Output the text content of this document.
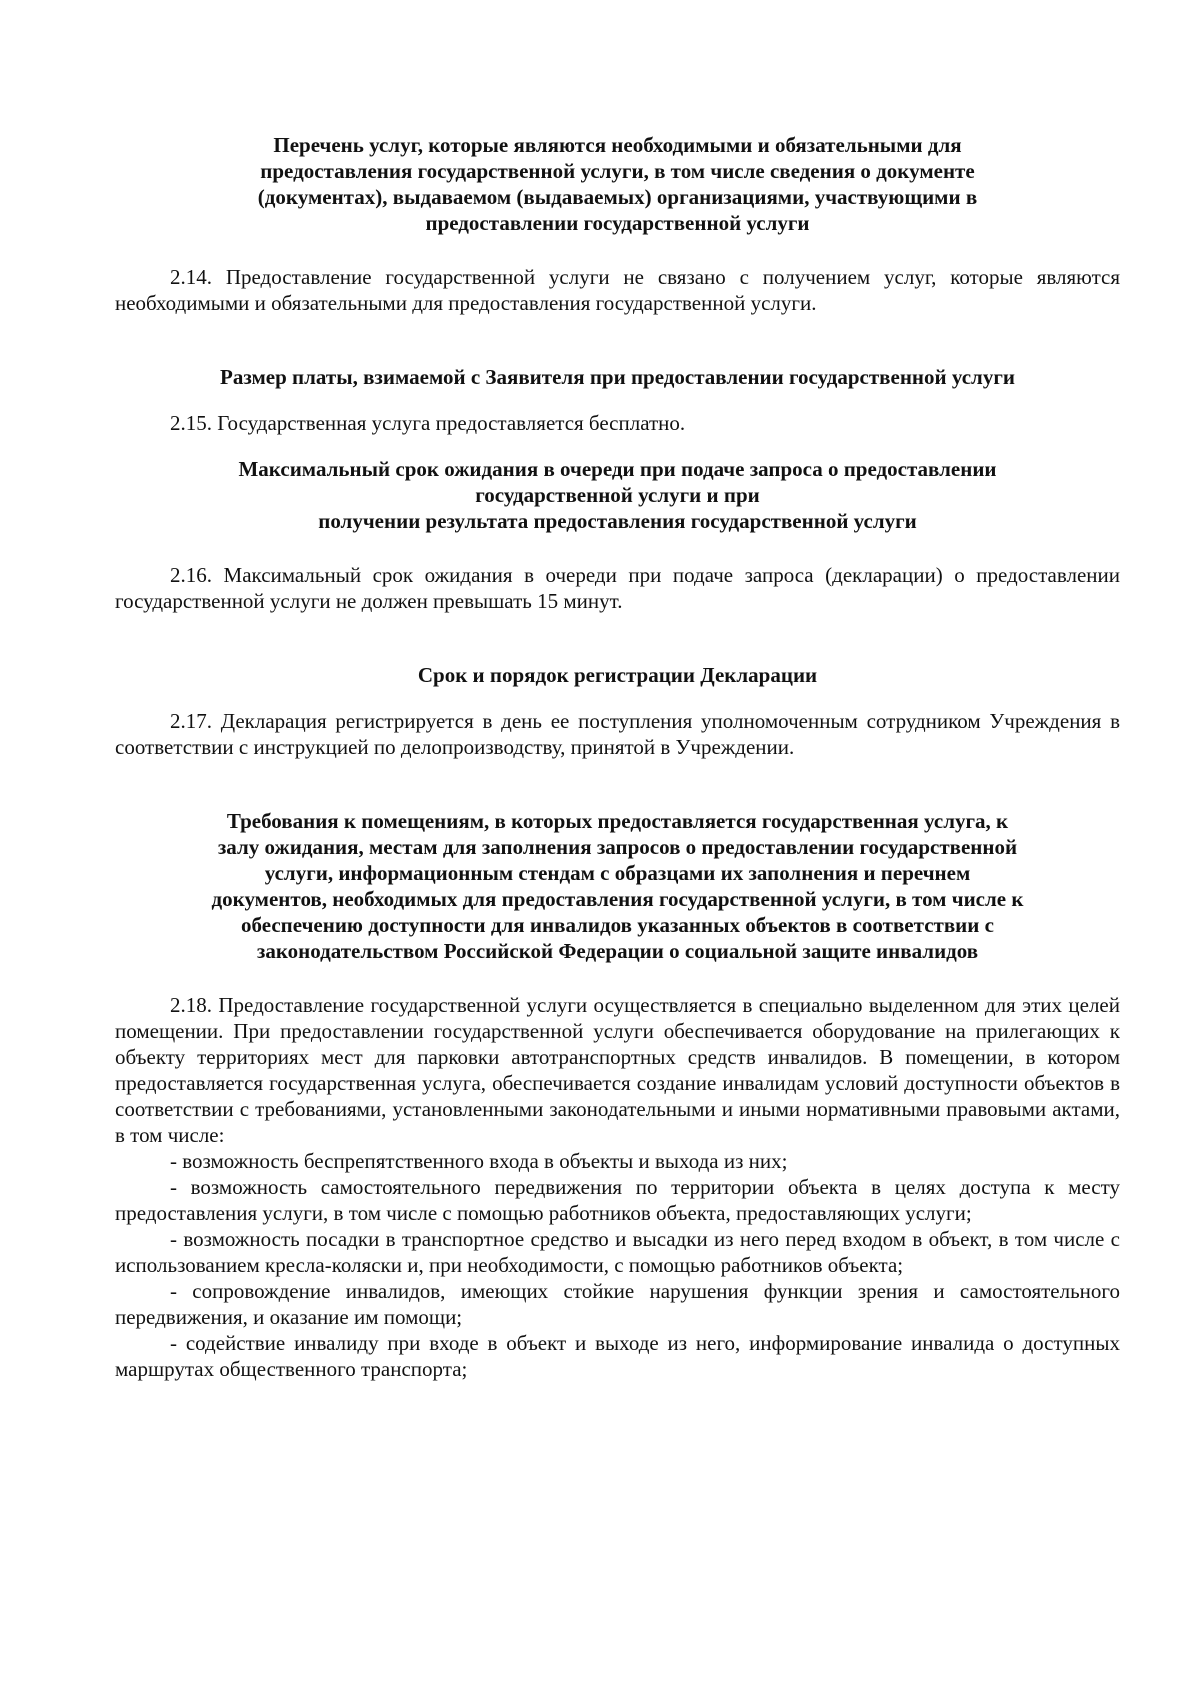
Перечень услуг, которые являются необходимыми и обязательными для
предоставления государственной услуги, в том числе сведения о документе
(документах), выдаваемом (выдаваемых) организациями, участвующими в
предоставлении государственной услуги

2.14. Предоставление государственной услуги не связано с получением услуг, которые являются необходимыми и обязательными для предоставления государственной услуги.

Размер платы, взимаемой с Заявителя при предоставлении государственной услуги

2.15. Государственная услуга предоставляется бесплатно.

Максимальный срок ожидания в очереди при подаче запроса о предоставлении
государственной услуги и при
получении результата предоставления государственной услуги

2.16. Максимальный срок ожидания в очереди при подаче запроса (декларации) о предоставлении государственной услуги не должен превышать 15 минут.

Срок и порядок регистрации Декларации

2.17. Декларация регистрируется в день ее поступления уполномоченным сотрудником Учреждения в соответствии с инструкцией по делопроизводству, принятой в Учреждении.

Требования к помещениям, в которых предоставляется государственная услуга, к
залу ожидания, местам для заполнения запросов о предоставлении государственной
услуги, информационным стендам с образцами их заполнения и перечнем
документов, необходимых для предоставления государственной услуги, в том числе к
обеспечению доступности для инвалидов указанных объектов в соответствии с
законодательством Российской Федерации о социальной защите инвалидов

2.18. Предоставление государственной услуги осуществляется в специально выделенном для этих целей помещении. При предоставлении государственной услуги обеспечивается оборудование на прилегающих к объекту территориях мест для парковки автотранспортных средств инвалидов. В помещении, в котором предоставляется государственная услуга, обеспечивается создание инвалидам условий доступности объектов в соответствии с требованиями, установленными законодательными и иными нормативными правовыми актами, в том числе:

- возможность беспрепятственного входа в объекты и выхода из них;

- возможность самостоятельного передвижения по территории объекта в целях доступа к месту предоставления услуги, в том числе с помощью работников объекта, предоставляющих услуги;

- возможность посадки в транспортное средство и высадки из него перед входом в объект, в том числе с использованием кресла-коляски и, при необходимости, с помощью работников объекта;

- сопровождение инвалидов, имеющих стойкие нарушения функции зрения и самостоятельного передвижения, и оказание им помощи;

- содействие инвалиду при входе в объект и выходе из него, информирование инвалида о доступных маршрутах общественного транспорта;
